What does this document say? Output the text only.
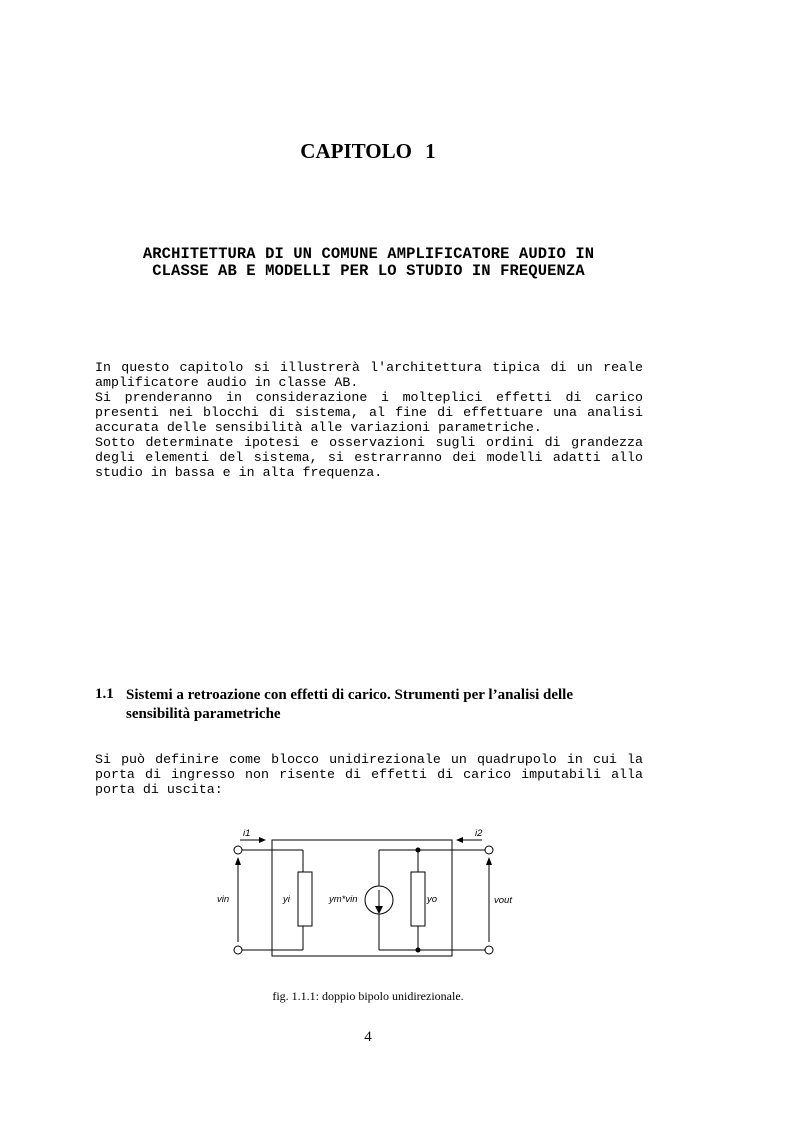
CAPITOLO 1
ARCHITETTURA DI UN COMUNE AMPLIFICATORE AUDIO IN
CLASSE AB E MODELLI PER LO STUDIO IN FREQUENZA

In questo capitolo si illustrerà l'architettura tipica di un reale amplificatore audio in classe AB.

Si prenderanno in considerazione i molteplici effetti di carico presenti nei blocchi di sistema, al fine di effettuare una analisi accurata delle sensibilità alle variazioni parametriche.

Sotto determinate ipotesi e osservazioni sugli ordini di grandezza degli elementi del sistema, si estrarranno dei modelli adatti allo studio in bassa e in alta frequenza.

1.1 Sistemi a retroazione con effetti di carico. Strumenti per l’analisi delle sensibilità parametriche

Si può definire come blocco unidirezionale un quadrupolo in cui la porta di ingresso non risente di effetti di carico imputabili alla porta di uscita:

i1	i2
vin	yi	ym*vin	yo	vout
fig. 1.1.1: doppio bipolo unidirezionale.
4
